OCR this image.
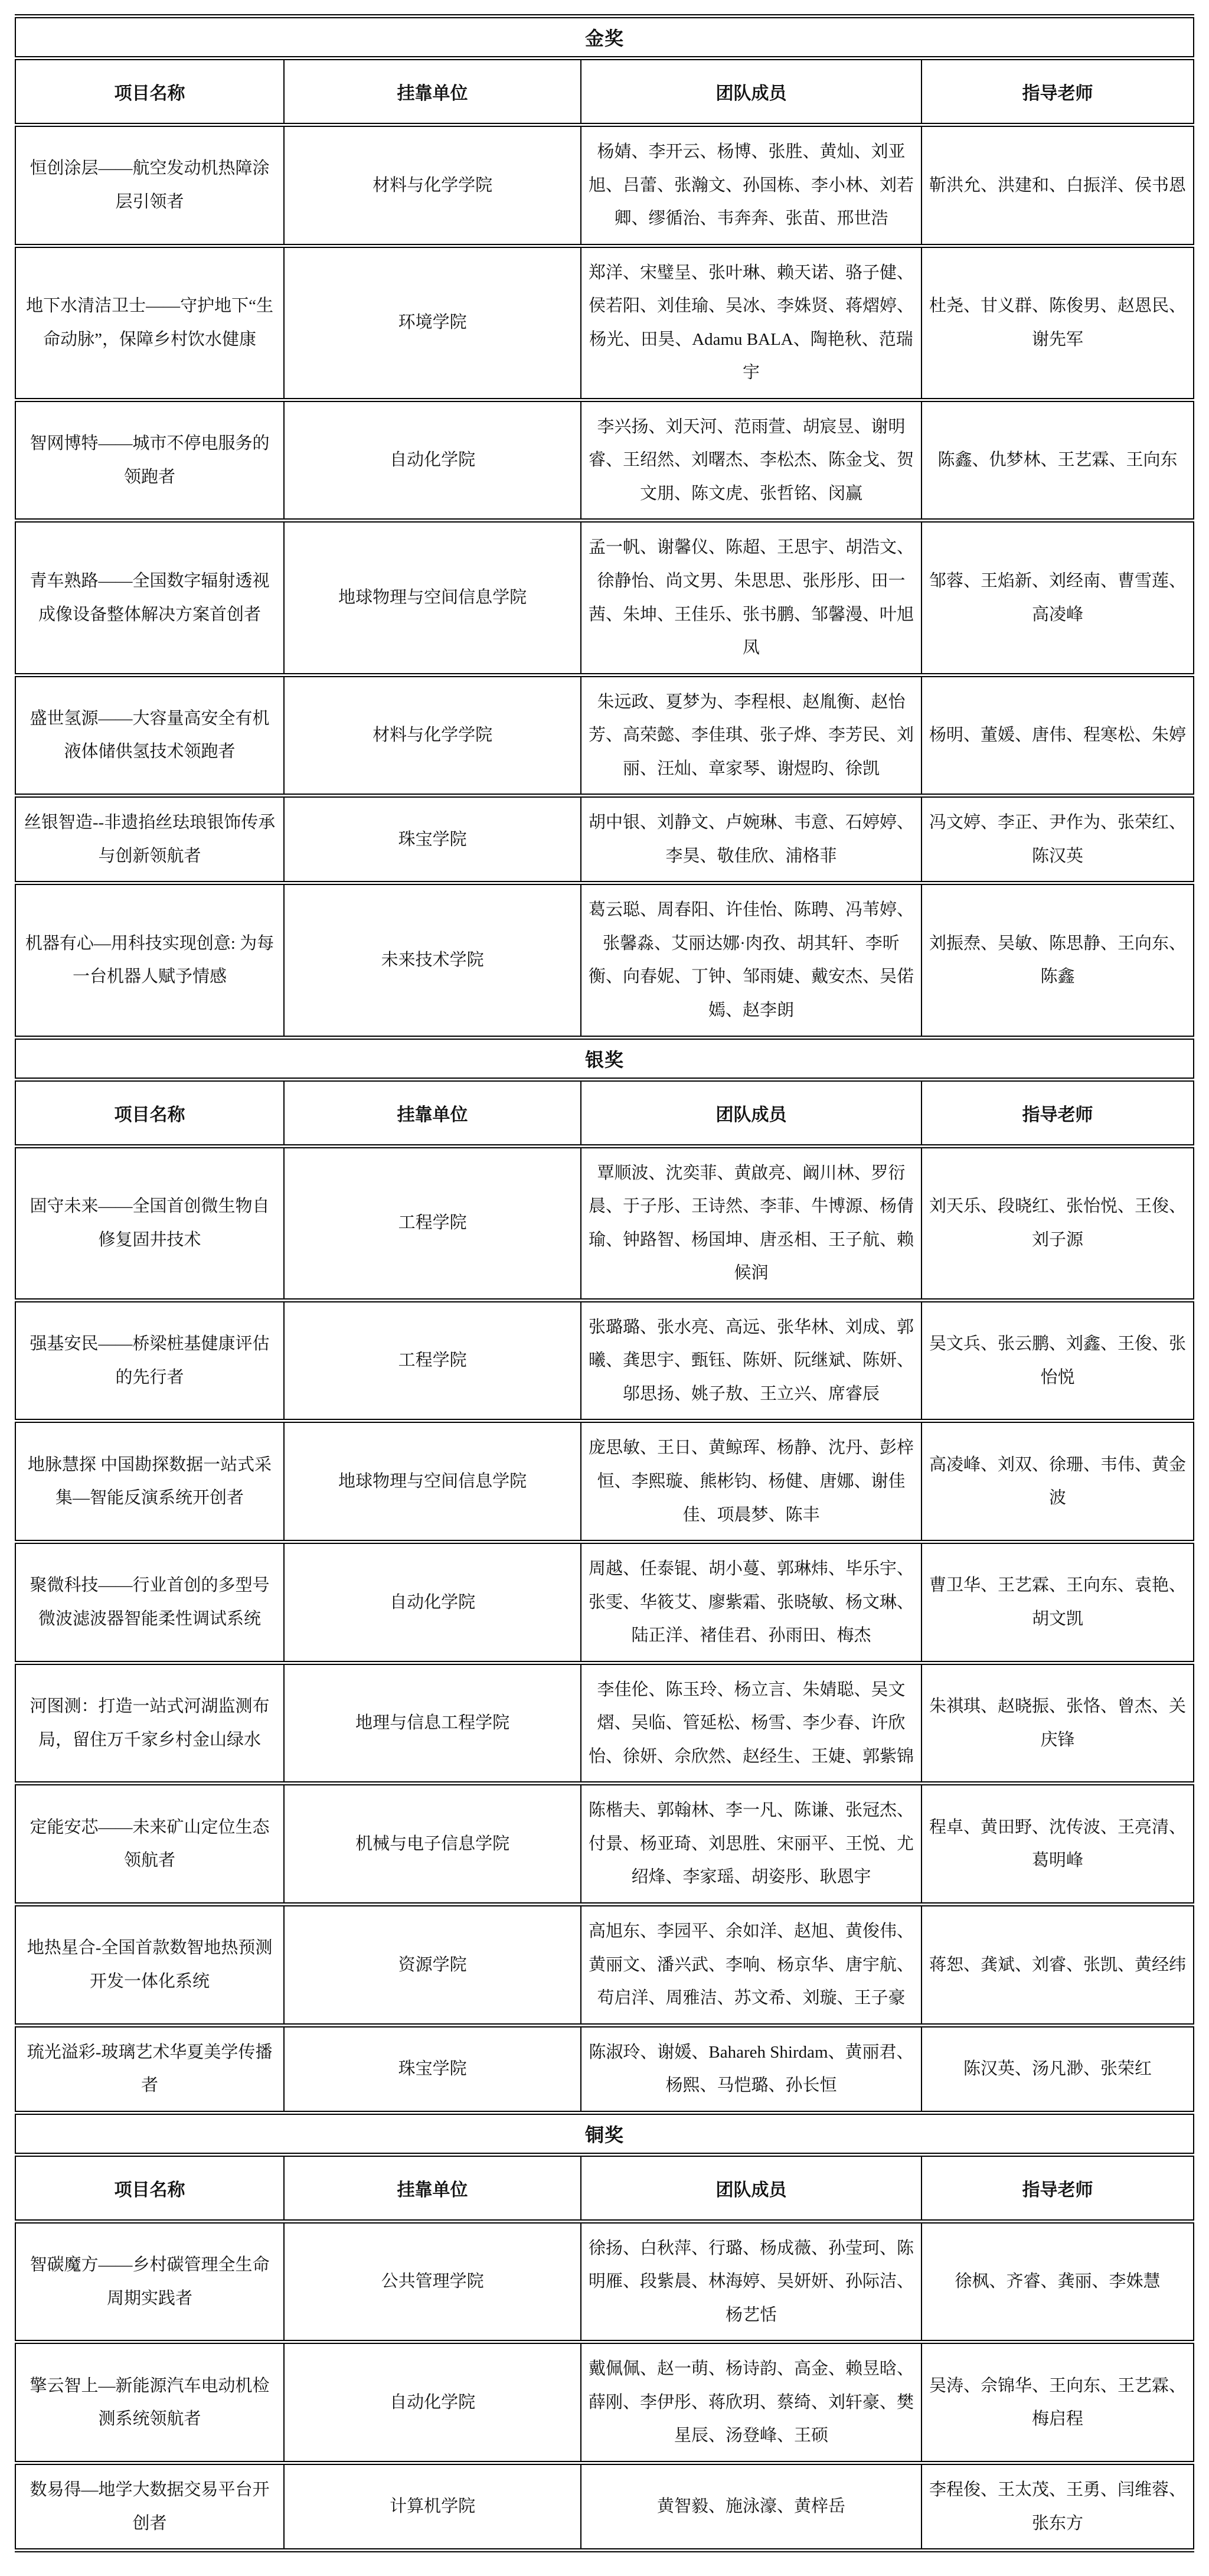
金奖			
项目名称	挂靠单位	团队成员	指导老师
恒创涂层——航空发动机热障涂层引领者	材料与化学学院	杨婧、李开云、杨博、张胜、黄灿、刘亚旭、吕蕾、张瀚文、孙国栋、李小林、刘若卿、缪循治、韦奔奔、张苗、邢世浩	靳洪允、洪建和、白振洋、侯书恩
地下水清洁卫士——守护地下“生命动脉”，保障乡村饮水健康	环境学院	郑洋、宋璧呈、张叶琳、赖天诺、骆子健、侯若阳、刘佳瑜、吴冰、李姝贤、蒋熠婷、杨光、田昊、Adamu BALA、陶艳秋、范瑞宇	杜尧、甘义群、陈俊男、赵恩民、谢先军
智网博特——城市不停电服务的领跑者	自动化学院	李兴扬、刘天河、范雨萱、胡宸昱、谢明睿、王绍然、刘曙杰、李松杰、陈金戈、贺文朋、陈文虎、张哲铭、闵赢	陈鑫、仇梦林、王艺霖、王向东
青车熟路——全国数字辐射透视成像设备整体解决方案首创者	地球物理与空间信息学院	孟一帆、谢馨仪、陈超、王思宇、胡浩文、徐静怡、尚文男、朱思思、张彤彤、田一茜、朱坤、王佳乐、张书鹏、邹馨漫、叶旭凤	邹蓉、王焰新、刘经南、曹雪莲、高凌峰
盛世氢源——大容量高安全有机液体储供氢技术领跑者	材料与化学学院	朱远政、夏梦为、李程根、赵胤衡、赵怡芳、高荣懿、李佳琪、张子烨、李芳民、刘丽、汪灿、章家琴、谢煜昀、徐凯	杨明、董媛、唐伟、程寒松、朱婷
丝银智造--非遗掐丝珐琅银饰传承与创新领航者	珠宝学院	胡中银、刘静文、卢婉琳、韦意、石婷婷、李昊、敬佳欣、浦格菲	冯文婷、李正、尹作为、张荣红、陈汉英
机器有心—用科技实现创意: 为每一台机器人赋予情感	未来技术学院	葛云聪、周春阳、许佳怡、陈聘、冯苇婷、张馨淼、艾丽达娜·肉孜、胡其轩、李昕衡、向春妮、丁钟、邹雨婕、戴安杰、吴偌嫣、赵李朗	刘振焘、吴敏、陈思静、王向东、陈鑫
银奖			
项目名称	挂靠单位	团队成员	指导老师
固守未来——全国首创微生物自修复固井技术	工程学院	覃顺波、沈奕菲、黄啟亮、阚川林、罗衍晨、于子彤、王诗然、李菲、牛博源、杨倩瑜、钟路智、杨国坤、唐丞相、王子航、赖候润	刘天乐、段晓红、张怡悦、王俊、刘子源
强基安民——桥梁桩基健康评估的先行者	工程学院	张璐璐、张水亮、高远、张华林、刘成、郭曦、龚思宇、甄钰、陈妍、阮继斌、陈妍、邬思扬、姚子敖、王立兴、席睿辰	吴文兵、张云鹏、刘鑫、王俊、张怡悦
地脉慧探 中国勘探数据一站式采集—智能反演系统开创者	地球物理与空间信息学院	庞思敏、王日、黄鲸珲、杨静、沈丹、彭梓恒、李熙璇、熊彬钧、杨健、唐娜、谢佳佳、项晨梦、陈丰	高凌峰、刘双、徐珊、韦伟、黄金波
聚微科技——行业首创的多型号微波滤波器智能柔性调试系统	自动化学院	周越、任泰锟、胡小蔓、郭琳炜、毕乐宇、张雯、华筱艾、廖紫霜、张晓敏、杨文琳、陆正洋、褚佳君、孙雨田、梅杰	曹卫华、王艺霖、王向东、袁艳、胡文凯
河图测：打造一站式河湖监测布局，留住万千家乡村金山绿水	地理与信息工程学院	李佳伦、陈玉玲、杨立言、朱婧聪、吴文熠、吴临、管延松、杨雪、李少春、许欣怡、徐妍、佘欣然、赵经生、王婕、郭紫锦	朱祺琪、赵晓振、张恪、曾杰、关庆锋
定能安芯——未来矿山定位生态领航者	机械与电子信息学院	陈楷夫、郭翰林、李一凡、陈谦、张冠杰、付景、杨亚琦、刘思胜、宋丽平、王悦、尤绍烽、李家瑶、胡姿彤、耿恩宇	程卓、黄田野、沈传波、王亮清、葛明峰
地热星合-全国首款数智地热预测开发一体化系统	资源学院	高旭东、李园平、余如洋、赵旭、黄俊伟、黄丽文、潘兴武、李响、杨京华、唐宇航、苟启洋、周雅洁、苏文希、刘璇、王子豪	蒋恕、龚斌、刘睿、张凯、黄经纬
琉光溢彩-玻璃艺术华夏美学传播者	珠宝学院	陈淑玲、谢媛、Bahareh Shirdam、黄丽君、杨熙、马恺璐、孙长恒	陈汉英、汤凡渺、张荣红
铜奖			
项目名称	挂靠单位	团队成员	指导老师
智碳魔方——乡村碳管理全生命周期实践者	公共管理学院	徐扬、白秋萍、行璐、杨成薇、孙莹珂、陈明雁、段紫晨、林海婷、吴妍妍、孙际洁、杨艺恬	徐枫、齐睿、龚丽、李姝慧
擎云智上—新能源汽车电动机检测系统领航者	自动化学院	戴佩佩、赵一萌、杨诗韵、高金、赖昱晗、薛刚、李伊彤、蒋欣玥、蔡绮、刘轩豪、樊星辰、汤登峰、王硕	吴涛、佘锦华、王向东、王艺霖、梅启程
数易得—地学大数据交易平台开创者	计算机学院	黄智毅、施泳濠、黄梓岳	李程俊、王太茂、王勇、闫维蓉、张东方
